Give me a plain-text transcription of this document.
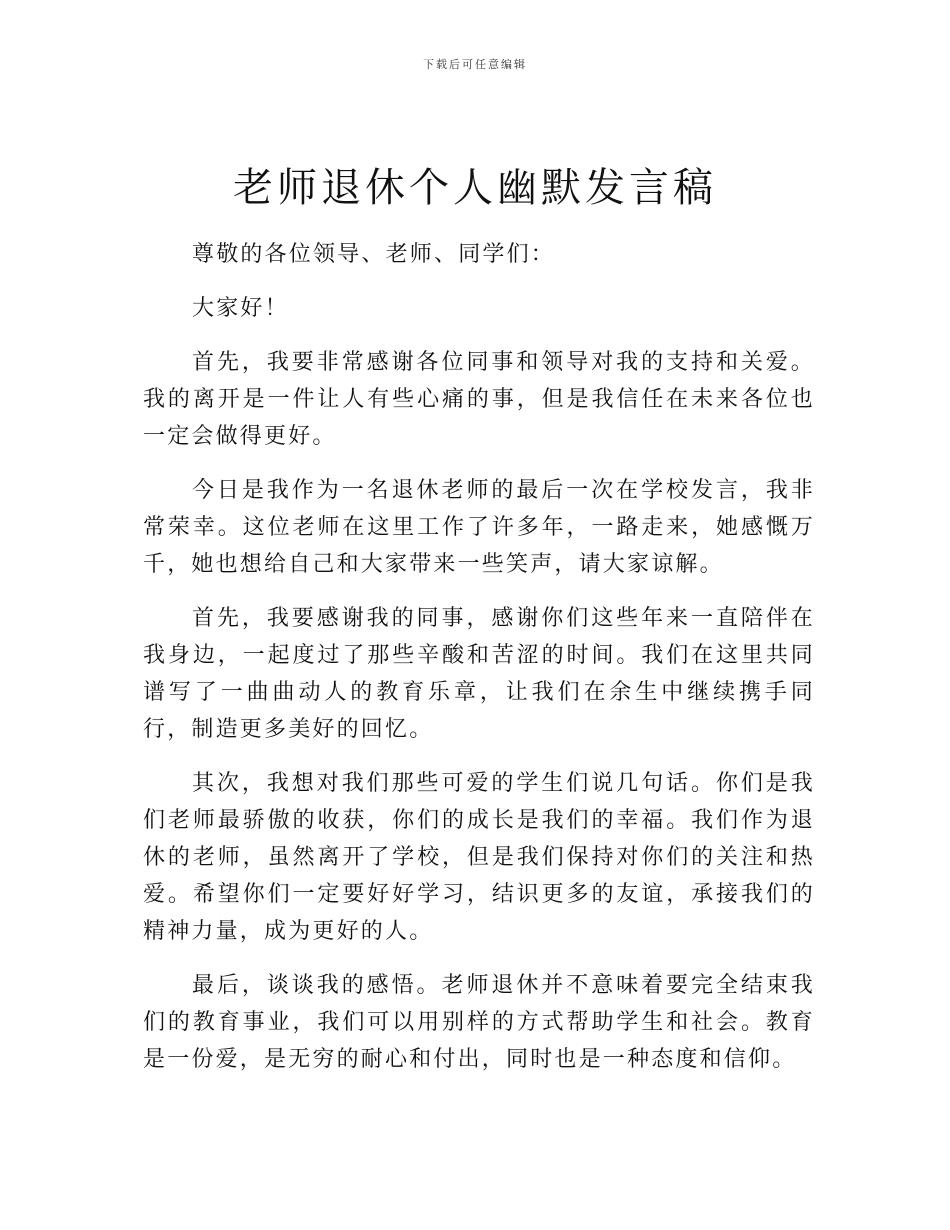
下载后可任意编辑
老师退休个人幽默发言稿

尊敬的各位领导、老师、同学们：

大家好！

首先，我要非常感谢各位同事和领导对我的支持和关爱。我的离开是一件让人有些心痛的事，但是我信任在未来各位也一定会做得更好。

今日是我作为一名退休老师的最后一次在学校发言，我非常荣幸。这位老师在这里工作了许多年，一路走来，她感慨万千，她也想给自己和大家带来一些笑声，请大家谅解。

首先，我要感谢我的同事，感谢你们这些年来一直陪伴在我身边，一起度过了那些辛酸和苦涩的时间。我们在这里共同谱写了一曲曲动人的教育乐章，让我们在余生中继续携手同行，制造更多美好的回忆。

其次，我想对我们那些可爱的学生们说几句话。你们是我们老师最骄傲的收获，你们的成长是我们的幸福。我们作为退休的老师，虽然离开了学校，但是我们保持对你们的关注和热爱。希望你们一定要好好学习，结识更多的友谊，承接我们的精神力量，成为更好的人。

最后，谈谈我的感悟。老师退休并不意味着要完全结束我们的教育事业，我们可以用别样的方式帮助学生和社会。教育是一份爱，是无穷的耐心和付出，同时也是一种态度和信仰。
